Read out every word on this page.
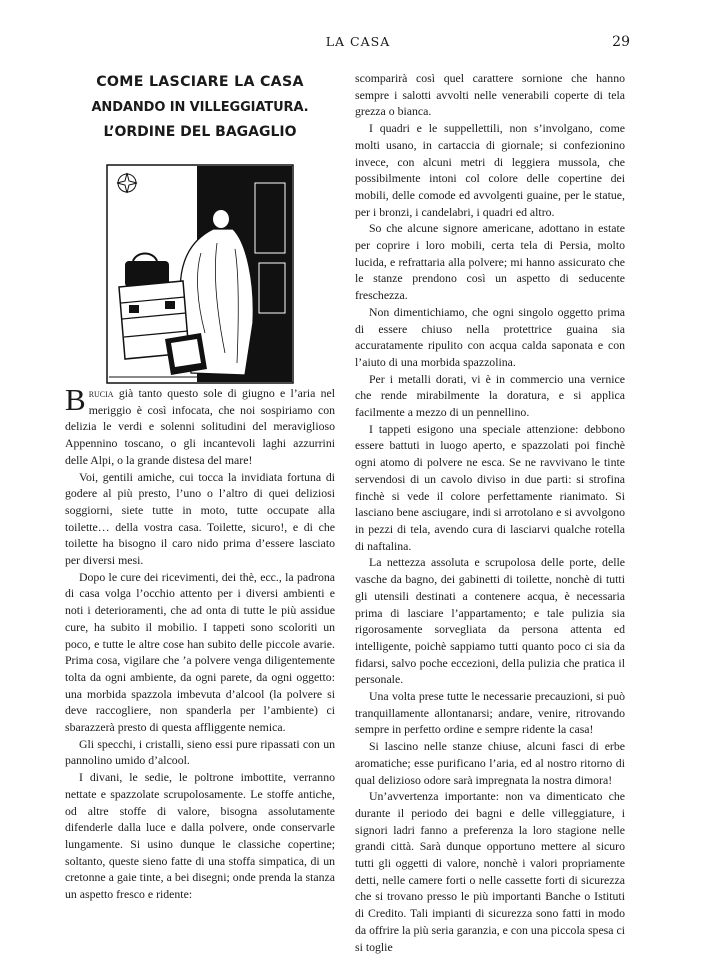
LA CASA	29
COME LASCIARE LA CASA
ANDANDO IN VILLEGGIATURA.
L’ORDINE DEL BAGAGLIO

Brucia già tanto questo sole di giugno e l’aria nel meriggio è così infocata, che noi sospiriamo con delizia le verdi e solenni solitudini del meraviglioso Appennino toscano, o gli incantevoli laghi azzurrini delle Alpi, o la grande distesa del mare!

Voi, gentili amiche, cui tocca la invidiata fortuna di godere al più presto, l’uno o l’altro di quei deliziosi soggiorni, siete tutte in moto, tutte occupate alla toilette… della vostra casa. Toilette, sicuro!, e di che toilette ha bisogno il caro nido prima d’essere lasciato per diversi mesi.

Dopo le cure dei ricevimenti, dei thè, ecc., la padrona di casa volga l’occhio attento per i diversi ambienti e noti i deterioramenti, che ad onta di tutte le più assidue cure, ha subito il mobilio. I tappeti sono scoloriti un poco, e tutte le altre cose han subito delle piccole avarie. Prima cosa, vigilare che ’a polvere venga diligentemente tolta da ogni ambiente, da ogni parete, da ogni oggetto: una morbida spazzola imbevuta d’alcool (la polvere si deve raccogliere, non spanderla per l’ambiente) ci sbarazzerà presto di questa affliggente nemica.

Gli specchi, i cristalli, sieno essi pure ripassati con un pannolino umido d’alcool.

I divani, le sedie, le poltrone imbottite, verranno nettate e spazzolate scrupolosamente. Le stoffe antiche, od altre stoffe di valore, bisogna assolutamente difenderle dalla luce e dalla polvere, onde conservarle lungamente. Si usino dunque le classiche copertine; soltanto, queste sieno fatte di una stoffa simpatica, di un cretonne a gaie tinte, a bei disegni; onde prenda la stanza un aspetto fresco e ridente:

scomparirà così quel carattere sornione che hanno sempre i salotti avvolti nelle venerabili coperte di tela grezza o bianca.

I quadri e le suppellettili, non s’involgano, come molti usano, in cartaccia di giornale; si confezionino invece, con alcuni metri di leggiera mussola, che possibilmente intoni col colore delle copertine dei mobili, delle comode ed avvolgenti guaine, per le statue, per i bronzi, i candelabri, i quadri ed altro.

So che alcune signore americane, adottano in estate per coprire i loro mobili, certa tela di Persia, molto lucida, e refrattaria alla polvere; mi hanno assicurato che le stanze prendono così un aspetto di seducente freschezza.

Non dimentichiamo, che ogni singolo oggetto prima di essere chiuso nella protettrice guaina sia accuratamente ripulito con acqua calda saponata e con l’aiuto di una morbida spazzolina.

Per i metalli dorati, vi è in commercio una vernice che rende mirabilmente la doratura, e si applica facilmente a mezzo di un pennellino.

I tappeti esigono una speciale attenzione: debbono essere battuti in luogo aperto, e spazzolati poi finchè ogni atomo di polvere ne esca. Se ne ravvivano le tinte servendosi di un cavolo diviso in due parti: si strofina finchè si vede il colore perfettamente rianimato. Si lasciano bene asciugare, indi si arrotolano e si avvolgono in pezzi di tela, avendo cura di lasciarvi qualche rotella di naftalina.

La nettezza assoluta e scrupolosa delle porte, delle vasche da bagno, dei gabinetti di toilette, nonchè di tutti gli utensili destinati a contenere acqua, è necessaria prima di lasciare l’appartamento; e tale pulizia sia rigorosamente sorvegliata da persona attenta ed intelligente, poichè sappiamo tutti quanto poco ci sia da fidarsi, salvo poche eccezioni, della pulizia che pratica il personale.

Una volta prese tutte le necessarie precauzioni, si può tranquillamente allontanarsi; andare, venire, ritrovando sempre in perfetto ordine e sempre ridente la casa!

Si lascino nelle stanze chiuse, alcuni fasci di erbe aromatiche; esse purificano l’aria, ed al nostro ritorno di qual delizioso odore sarà impregnata la nostra dimora!

Un’avvertenza importante: non va dimenticato che durante il periodo dei bagni e delle villeggiature, i signori ladri fanno a preferenza la loro stagione nelle grandi città. Sarà dunque opportuno mettere al sicuro tutti gli oggetti di valore, nonchè i valori propriamente detti, nelle camere forti o nelle cassette forti di sicurezza che si trovano presso le più importanti Banche o Istituti di Credito. Tali impianti di sicurezza sono fatti in modo da offrire la più seria garanzia, e con una piccola spesa ci si toglie
